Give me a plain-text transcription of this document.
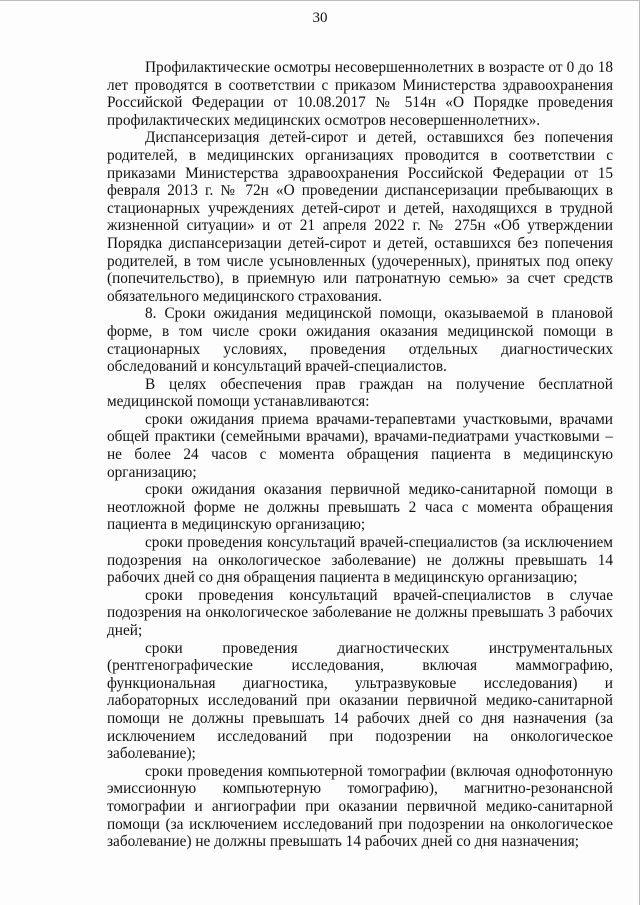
30

Профилактические осмотры несовершеннолетних в возрасте от 0 до 18 лет проводятся в соответствии с приказом Министерства здравоохранения Российской Федерации от 10.08.2017 № 514н «О Порядке проведения профилактических медицинских осмотров несовершеннолетних».

Диспансеризация детей-сирот и детей, оставшихся без попечения родителей, в медицинских организациях проводится в соответствии с приказами Министерства здравоохранения Российской Федерации от 15 февраля 2013 г. № 72н «О проведении диспансеризации пребывающих в стационарных учреждениях детей-сирот и детей, находящихся в трудной жизненной ситуации» и от 21 апреля 2022 г. № 275н «Об утверждении Порядка диспансеризации детей-сирот и детей, оставшихся без попечения родителей, в том числе усыновленных (удочеренных), принятых под опеку (попечительство), в приемную или патронатную семью» за счет средств обязательного медицинского страхования.

8. Сроки ожидания медицинской помощи, оказываемой в плановой форме, в том числе сроки ожидания оказания медицинской помощи в стационарных условиях, проведения отдельных диагностических обследований и консультаций врачей-специалистов.

В целях обеспечения прав граждан на получение бесплатной медицинской помощи устанавливаются:

сроки ожидания приема врачами-терапевтами участковыми, врачами общей практики (семейными врачами), врачами-педиатрами участковыми – не более 24 часов с момента обращения пациента в медицинскую организацию;

сроки ожидания оказания первичной медико-санитарной помощи в неотложной форме не должны превышать 2 часа с момента обращения пациента в медицинскую организацию;

сроки проведения консультаций врачей-специалистов (за исключением подозрения на онкологическое заболевание) не должны превышать 14 рабочих дней со дня обращения пациента в медицинскую организацию;

сроки проведения консультаций врачей-специалистов в случае подозрения на онкологическое заболевание не должны превышать 3 рабочих дней;

сроки проведения диагностических инструментальных (рентгенографические исследования, включая маммографию, функциональная диагностика, ультразвуковые исследования) и лабораторных исследований при оказании первичной медико-санитарной помощи не должны превышать 14 рабочих дней со дня назначения (за исключением исследований при подозрении на онкологическое заболевание);

сроки проведения компьютерной томографии (включая однофотонную эмиссионную компьютерную томографию), магнитно-резонансной томографии и ангиографии при оказании первичной медико-санитарной помощи (за исключением исследований при подозрении на онкологическое заболевание) не должны превышать 14 рабочих дней со дня назначения;
